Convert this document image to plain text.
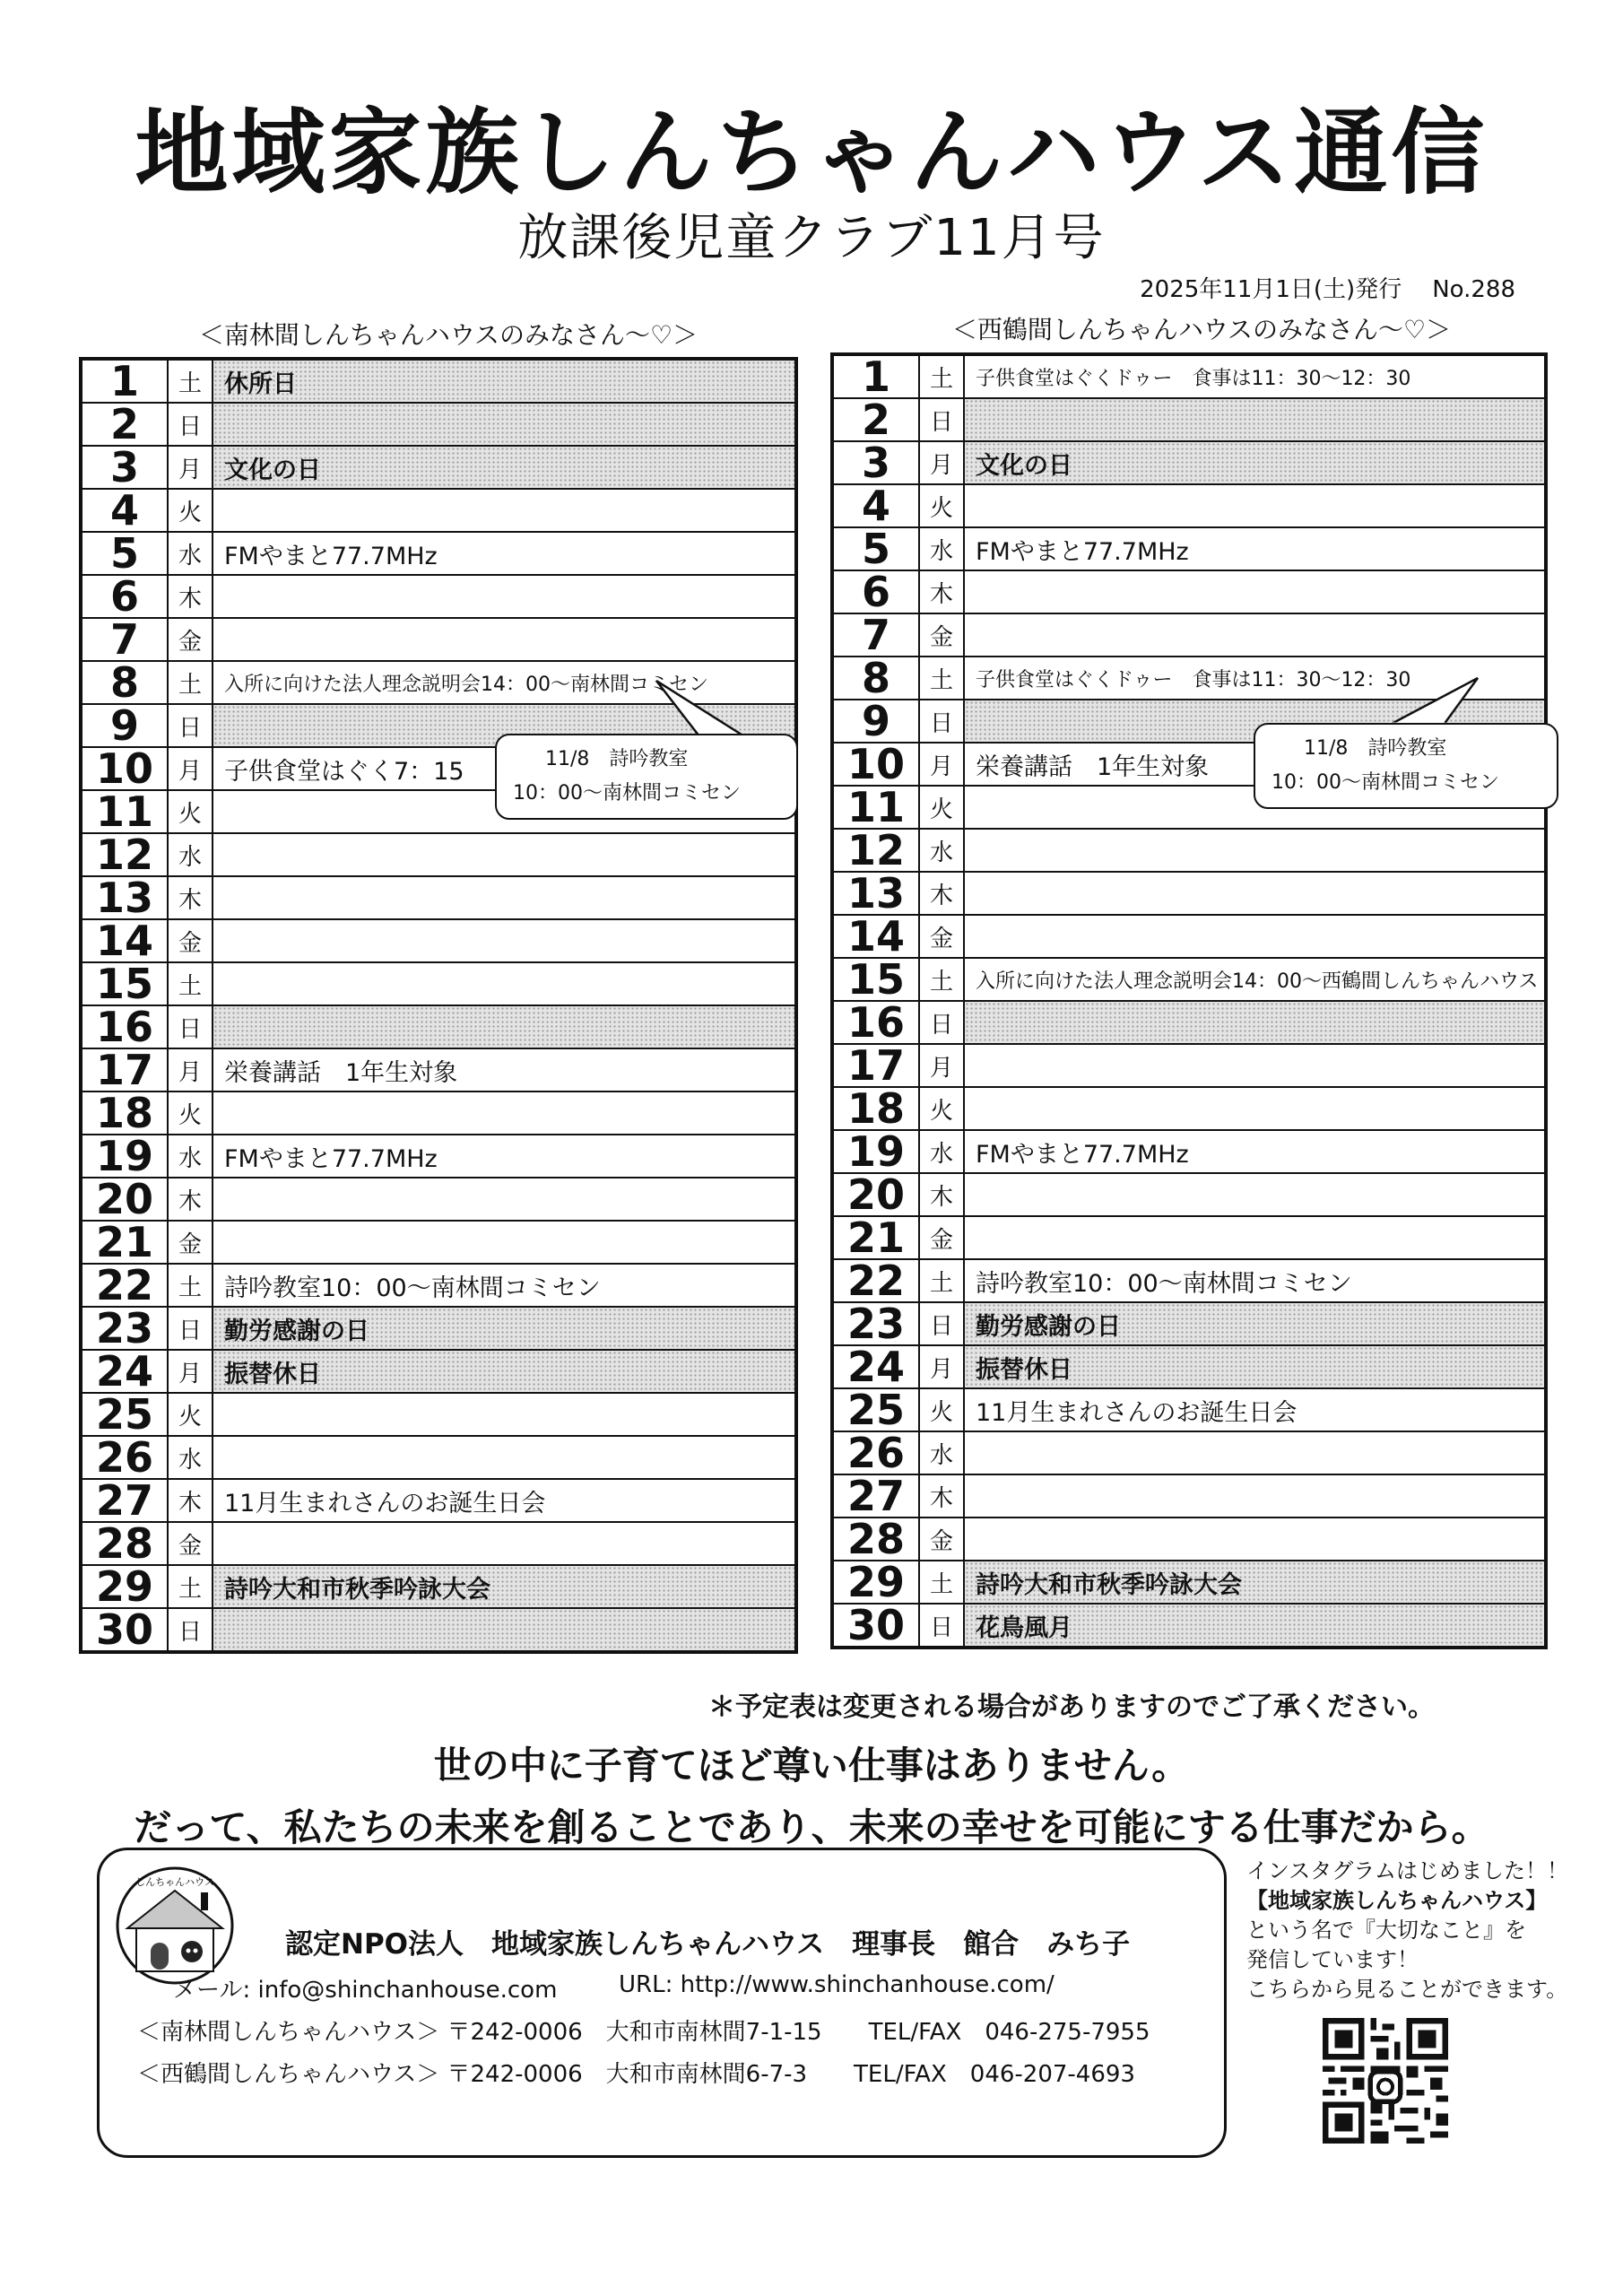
地域家族しんちゃんハウス通信
放課後児童クラブ11月号
2025年11月1日(土)発行 No.288
＜南林間しんちゃんハウスのみなさん〜♡＞	＜西鶴間しんちゃんハウスのみなさん〜♡＞
1	土	休所日
2	日	
3	月	文化の日
4	火	
5	水	FMやまと77.7MHz
6	木	
7	金	
8	土	入所に向けた法人理念説明会14：00〜南林間コミセン
9	日	
10	月	子供食堂はぐく7：15
11	火	
12	水	
13	木	
14	金	
15	土	
16	日	
17	月	栄養講話　1年生対象
18	火	
19	水	FMやまと77.7MHz
20	木	
21	金	
22	土	詩吟教室10：00〜南林間コミセン
23	日	勤労感謝の日
24	月	振替休日
25	火	
26	水	
27	木	11月生まれさんのお誕生日会
28	金	
29	土	詩吟大和市秋季吟詠大会
30	日	
1	土	子供食堂はぐくドゥー　食事は11：30〜12：30
2	日	
3	月	文化の日
4	火	
5	水	FMやまと77.7MHz
6	木	
7	金	
8	土	子供食堂はぐくドゥー　食事は11：30〜12：30
9	日	
10	月	栄養講話　1年生対象
11	火	
12	水	
13	木	
14	金	
15	土	入所に向けた法人理念説明会14：00〜西鶴間しんちゃんハウス
16	日	
17	月	
18	火	
19	水	FMやまと77.7MHz
20	木	
21	金	
22	土	詩吟教室10：00〜南林間コミセン
23	日	勤労感謝の日
24	月	振替休日
25	火	11月生まれさんのお誕生日会
26	水	
27	木	
28	金	
29	土	詩吟大和市秋季吟詠大会
30	日	花鳥風月
11/8　詩吟教室
10：00〜南林間コミセン
11/8　詩吟教室
10：00〜南林間コミセン
＊予定表は変更される場合がありますのでご了承ください。
世の中に子育てほど尊い仕事はありません。
だって、私たちの未来を創ることであり、未来の幸せを可能にする仕事だから。
しんちゃんハウス
認定NPO法人　地域家族しんちゃんハウス　理事長　館合　みち子
メール: info@shinchanhouse.com	URL: http://www.shinchanhouse.com/
＜南林間しんちゃんハウス＞ 〒242-0006　大和市南林間7-1-15　　TEL/FAX　046-275-7955
＜西鶴間しんちゃんハウス＞ 〒242-0006　大和市南林間6-7-3　　TEL/FAX　046-207-4693
インスタグラムはじめました！！
【地域家族しんちゃんハウス】
という名で『大切なこと』を
発信しています！
こちらから見ることができます。
